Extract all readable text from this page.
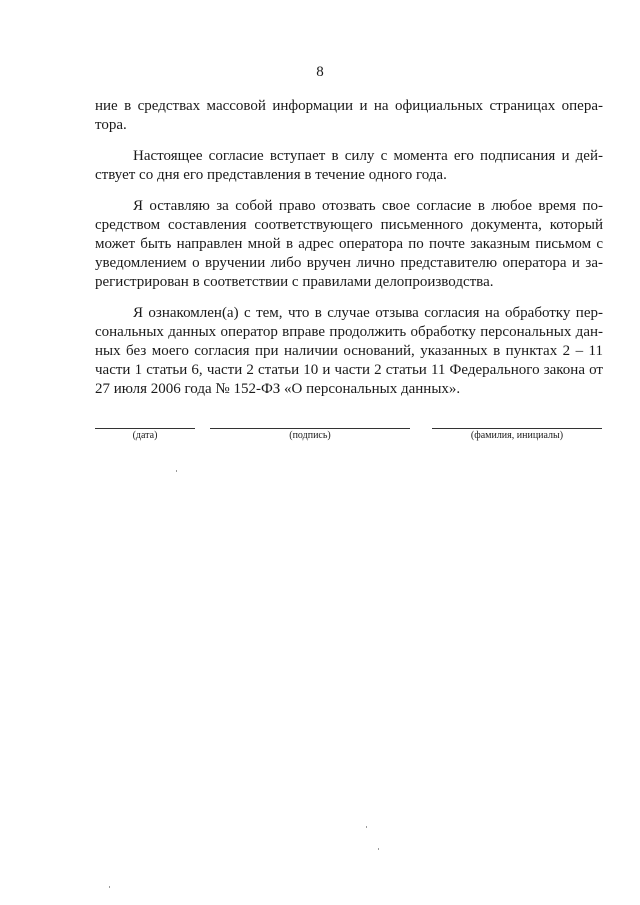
8
ние в средствах массовой информации и на официальных страницах опера-
тора.
Настоящее согласие вступает в силу с момента его подписания и дей-
ствует со дня его представления в течение одного года.
Я оставляю за собой право отозвать свое согласие в любое время по-
средством составления соответствующего письменного документа, который
может быть направлен мной в адрес оператора по почте заказным письмом с
уведомлением о вручении либо вручен лично представителю оператора и за-
регистрирован в соответствии с правилами делопроизводства.
Я ознакомлен(а) с тем, что в случае отзыва согласия на обработку пер-
сональных данных оператор вправе продолжить обработку персональных дан-
ных без моего согласия при наличии оснований, указанных в пунктах 2 – 11
части 1 статьи 6, части 2 статьи 10 и части 2 статьи 11 Федерального закона от
27 июля 2006 года № 152-ФЗ «О персональных данных».
(дата)	(подпись)	(фамилия, инициалы)
